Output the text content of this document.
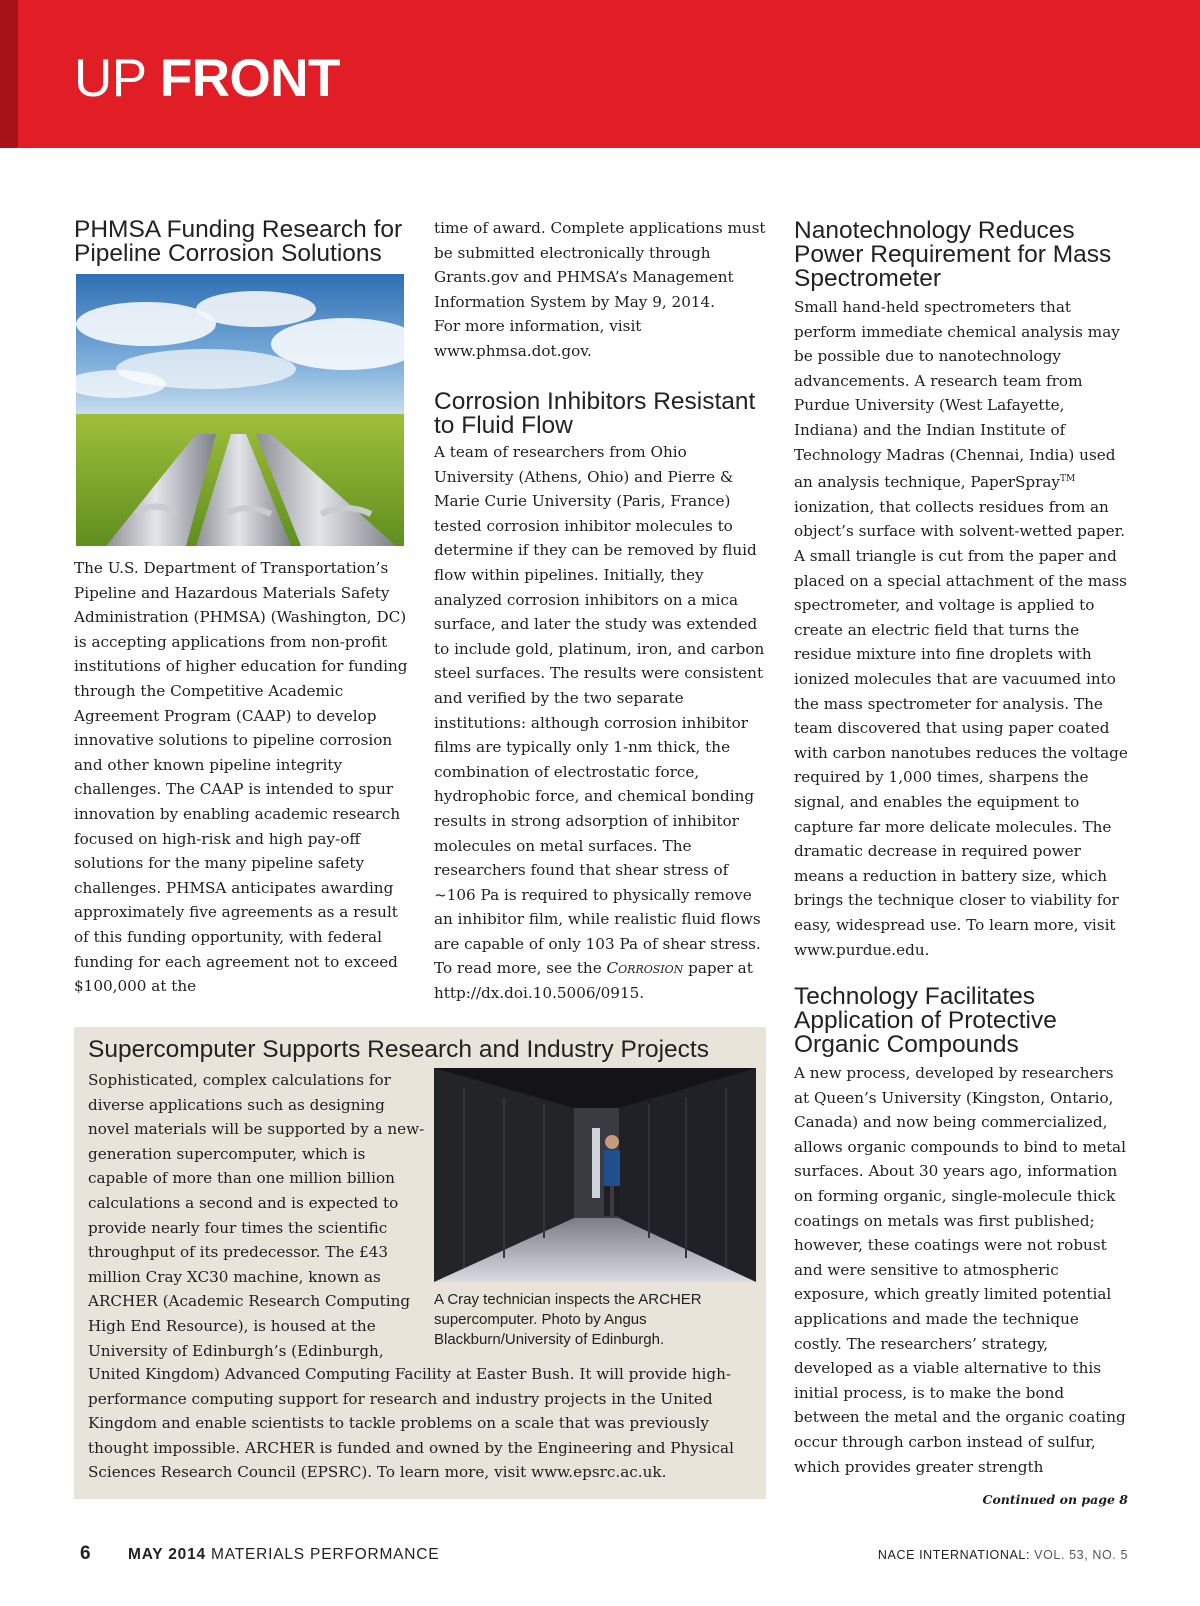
UP FRONT
PHMSA Funding Research for Pipeline Corrosion Solutions

The U.S. Department of Transportation’s Pipeline and Hazardous Materials Safety Administration (PHMSA) (Washington, DC) is accepting applications from non-profit institutions of higher education for funding through the Competitive Academic Agreement Program (CAAP) to develop innovative solutions to pipeline corrosion and other known pipeline integrity challenges. The CAAP is intended to spur innovation by enabling academic research focused on high-risk and high pay-off solutions for the many pipeline safety challenges. PHMSA anticipates awarding approximately five agreements as a result of this funding opportunity, with federal funding for each agreement not to exceed $100,000 at the

time of award. Complete applications must be submitted electronically through Grants.gov and PHMSA’s Management Information System by May 9, 2014.

For more information, visit www.phmsa.dot.gov.

Corrosion Inhibitors Resistant to Fluid Flow

A team of researchers from Ohio University (Athens, Ohio) and Pierre & Marie Curie University (Paris, France) tested corrosion inhibitor molecules to determine if they can be removed by fluid flow within pipelines. Initially, they analyzed corrosion inhibitors on a mica surface, and later the study was extended to include gold, platinum, iron, and carbon steel surfaces. The results were consistent and verified by the two separate institutions: although corrosion inhibitor films are typically only 1-nm thick, the combination of electrostatic force, hydrophobic force, and chemical bonding results in strong adsorption of inhibitor molecules on metal surfaces. The researchers found that shear stress of ~106 Pa is required to physically remove an inhibitor film, while realistic fluid flows are capable of only 103 Pa of shear stress. To read more, see the Corrosion paper at http://dx.doi.10.5006/0915.

Nanotechnology Reduces Power Requirement for Mass Spectrometer

Small hand-held spectrometers that perform immediate chemical analysis may be possible due to nanotechnology advancements. A research team from Purdue University (West Lafayette, Indiana) and the Indian Institute of Technology Madras (Chennai, India) used an analysis technique, PaperSpray™ ionization, that collects residues from an object’s surface with solvent-wetted paper. A small triangle is cut from the paper and placed on a special attachment of the mass spectrometer, and voltage is applied to create an electric field that turns the residue mixture into fine droplets with ionized molecules that are vacuumed into the mass spectrometer for analysis. The team discovered that using paper coated with carbon nanotubes reduces the voltage required by 1,000 times, sharpens the signal, and enables the equipment to capture far more delicate molecules. The dramatic decrease in required power means a reduction in battery size, which brings the technique closer to viability for easy, widespread use. To learn more, visit www.purdue.edu.

Technology Facilitates Application of Protective Organic Compounds

A new process, developed by researchers at Queen’s University (Kingston, Ontario, Canada) and now being commercialized, allows organic compounds to bind to metal surfaces. About 30 years ago, information on forming organic, single-molecule thick coatings on metals was first published; however, these coatings were not robust and were sensitive to atmospheric exposure, which greatly limited potential applications and made the technique costly. The researchers’ strategy, developed as a viable alternative to this initial process, is to make the bond between the metal and the organic coating occur through carbon instead of sulfur, which provides greater strength

Continued on page 8

Supercomputer Supports Research and Industry Projects

Sophisticated, complex calculations for diverse applications such as designing novel materials will be supported by a new-generation supercomputer, which is capable of more than one million billion calculations a second and is expected to provide nearly four times the scientific throughput of its predecessor. The £43 million Cray XC30 machine, known as ARCHER (Academic Research Computing High End Resource), is housed at the University of Edinburgh’s (Edinburgh,

A Cray technician inspects the ARCHER supercomputer. Photo by Angus Blackburn/University of Edinburgh.

United Kingdom) Advanced Computing Facility at Easter Bush. It will provide high-performance computing support for research and industry projects in the United Kingdom and enable scientists to tackle problems on a scale that was previously thought impossible. ARCHER is funded and owned by the Engineering and Physical Sciences Research Council (EPSRC). To learn more, visit www.epsrc.ac.uk.

6 MAY 2014 MATERIALS PERFORMANCE	NACE INTERNATIONAL: VOL. 53, NO. 5
